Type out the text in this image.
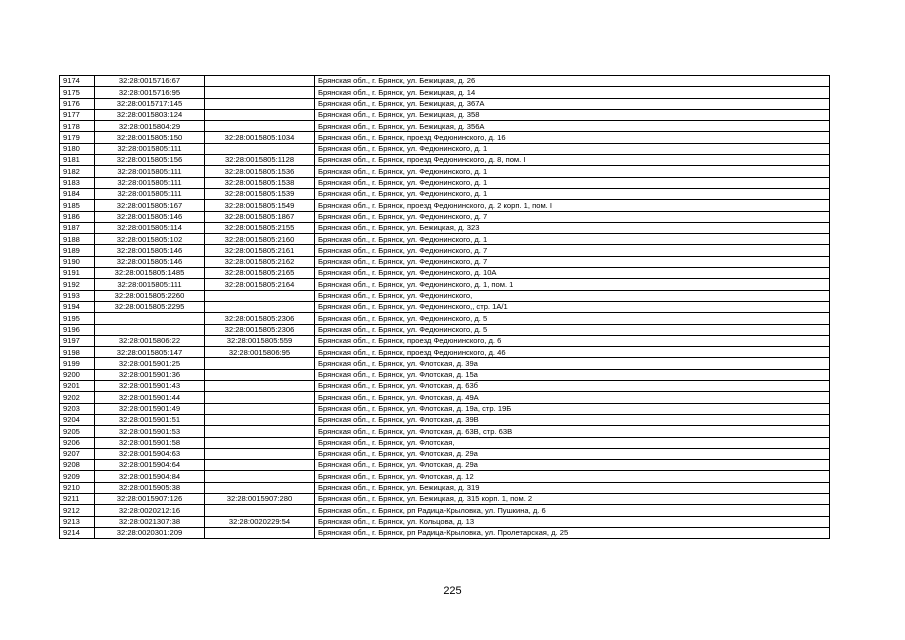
9174	32:28:0015716:67		Брянская обл., г. Брянск, ул. Бежицкая, д. 26
9175	32:28:0015716:95		Брянская обл., г. Брянск, ул. Бежицкая, д. 14
9176	32:28:0015717:145		Брянская обл., г. Брянск, ул. Бежицкая, д. 367А
9177	32:28:0015803:124		Брянская обл., г. Брянск, ул. Бежицкая, д. 358
9178	32:28:0015804:29		Брянская обл., г. Брянск, ул. Бежицкая, д. 356А
9179	32:28:0015805:150	32:28:0015805:1034	Брянская обл., г. Брянск, проезд Федюнинского, д. 16
9180	32:28:0015805:111		Брянская обл., г. Брянск, ул. Федюнинского, д. 1
9181	32:28:0015805:156	32:28:0015805:1128	Брянская обл., г. Брянск, проезд Федюнинского, д. 8, пом. I
9182	32:28:0015805:111	32:28:0015805:1536	Брянская обл., г. Брянск, ул. Федюнинского, д. 1
9183	32:28:0015805:111	32:28:0015805:1538	Брянская обл., г. Брянск, ул. Федюнинского, д. 1
9184	32:28:0015805:111	32:28:0015805:1539	Брянская обл., г. Брянск, ул. Федюнинского, д. 1
9185	32:28:0015805:167	32:28:0015805:1549	Брянская обл., г. Брянск, проезд Федюнинского, д. 2 корп. 1, пом. I
9186	32:28:0015805:146	32:28:0015805:1867	Брянская обл., г. Брянск, ул. Федюнинского, д. 7
9187	32:28:0015805:114	32:28:0015805:2155	Брянская обл., г. Брянск, ул. Бежицкая, д. 323
9188	32:28:0015805:102	32:28:0015805:2160	Брянская обл., г. Брянск, ул. Федюнинского, д. 1
9189	32:28:0015805:146	32:28:0015805:2161	Брянская обл., г. Брянск, ул. Федюнинского, д. 7
9190	32:28:0015805:146	32:28:0015805:2162	Брянская обл., г. Брянск, ул. Федюнинского, д. 7
9191	32:28:0015805:1485	32:28:0015805:2165	Брянская обл., г. Брянск, ул. Федюнинского, д. 10А
9192	32:28:0015805:111	32:28:0015805:2164	Брянская обл., г. Брянск, ул. Федюнинского, д. 1, пом. 1
9193	32:28:0015805:2260		Брянская обл., г. Брянск, ул. Федюнинского,
9194	32:28:0015805:2295		Брянская обл., г. Брянск, ул. Федюнинского,, стр. 1А/1
9195		32:28:0015805:2306	Брянская обл., г. Брянск, ул. Федюнинского, д. 5
9196		32:28:0015805:2306	Брянская обл., г. Брянск, ул. Федюнинского, д. 5
9197	32:28:0015806:22	32:28:0015805:559	Брянская обл., г. Брянск, проезд Федюнинского, д. 6
9198	32:28:0015805:147	32:28:0015806:95	Брянская обл., г. Брянск, проезд Федюнинского, д. 46
9199	32:28:0015901:25		Брянская обл., г. Брянск, ул. Флотская, д. 39а
9200	32:28:0015901:36		Брянская обл., г. Брянск, ул. Флотская, д. 15а
9201	32:28:0015901:43		Брянская обл., г. Брянск, ул. Флотская, д. 63б
9202	32:28:0015901:44		Брянская обл., г. Брянск, ул. Флотская, д. 49А
9203	32:28:0015901:49		Брянская обл., г. Брянск, ул. Флотская, д. 19а, стр. 19Б
9204	32:28:0015901:51		Брянская обл., г. Брянск, ул. Флотская, д. 39В
9205	32:28:0015901:53		Брянская обл., г. Брянск, ул. Флотская, д. 63В, стр. 63В
9206	32:28:0015901:58		Брянская обл., г. Брянск, ул. Флотская,
9207	32:28:0015904:63		Брянская обл., г. Брянск, ул. Флотская, д. 29а
9208	32:28:0015904:64		Брянская обл., г. Брянск, ул. Флотская, д. 29а
9209	32:28:0015904:84		Брянская обл., г. Брянск, ул. Флотская, д. 12
9210	32:28:0015905:38		Брянская обл., г. Брянск, ул. Бежицкая, д. 319
9211	32:28:0015907:126	32:28:0015907:280	Брянская обл., г. Брянск, ул. Бежицкая, д. 315 корп. 1, пом. 2
9212	32:28:0020212:16		Брянская обл., г. Брянск, рп Радица-Крыловка, ул. Пушкина, д. 6
9213	32:28:0021307:38	32:28:0020229:54	Брянская обл., г. Брянск, ул. Кольцова, д. 13
9214	32:28:0020301:209		Брянская обл., г. Брянск, рп Радица-Крыловка, ул. Пролетарская, д. 25
225
